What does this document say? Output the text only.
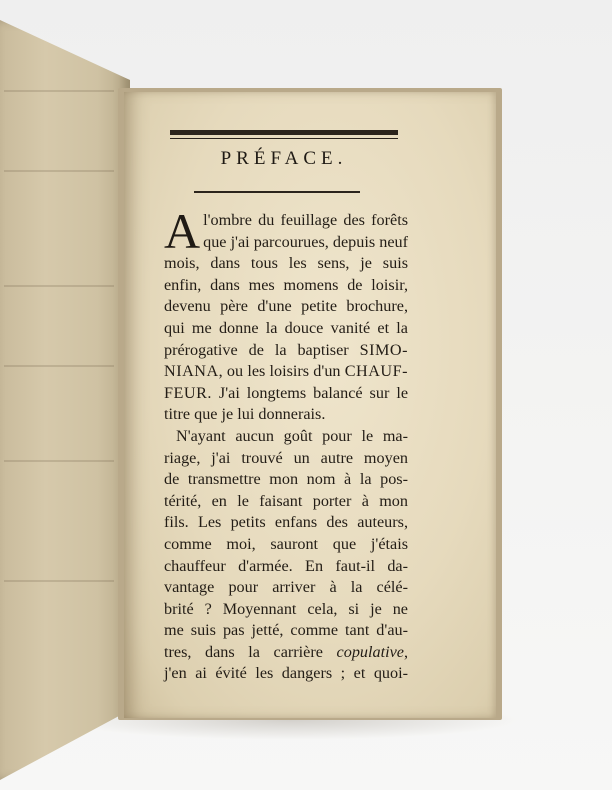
PRÉFACE.
A l'ombre du feuillage des forêts
que j'ai parcourues, depuis neuf
mois, dans tous les sens, je suis
enfin, dans mes momens de loisir,
devenu père d'une petite brochure,
qui me donne la douce vanité et la
prérogative de la baptiser SIMO-
NIANA, ou les loisirs d'un CHAUF-
FEUR. J'ai longtems balancé sur le
titre que je lui donnerais.
N'ayant aucun goût pour le ma-
riage, j'ai trouvé un autre moyen
de transmettre mon nom à la pos-
térité, en le faisant porter à mon
fils. Les petits enfans des auteurs,
comme moi, sauront que j'étais
chauffeur d'armée. En faut-il da-
vantage pour arriver à la célé-
brité ? Moyennant cela, si je ne
me suis pas jetté, comme tant d'au-
tres, dans la carrière copulative,
j'en ai évité les dangers ; et quoi-
